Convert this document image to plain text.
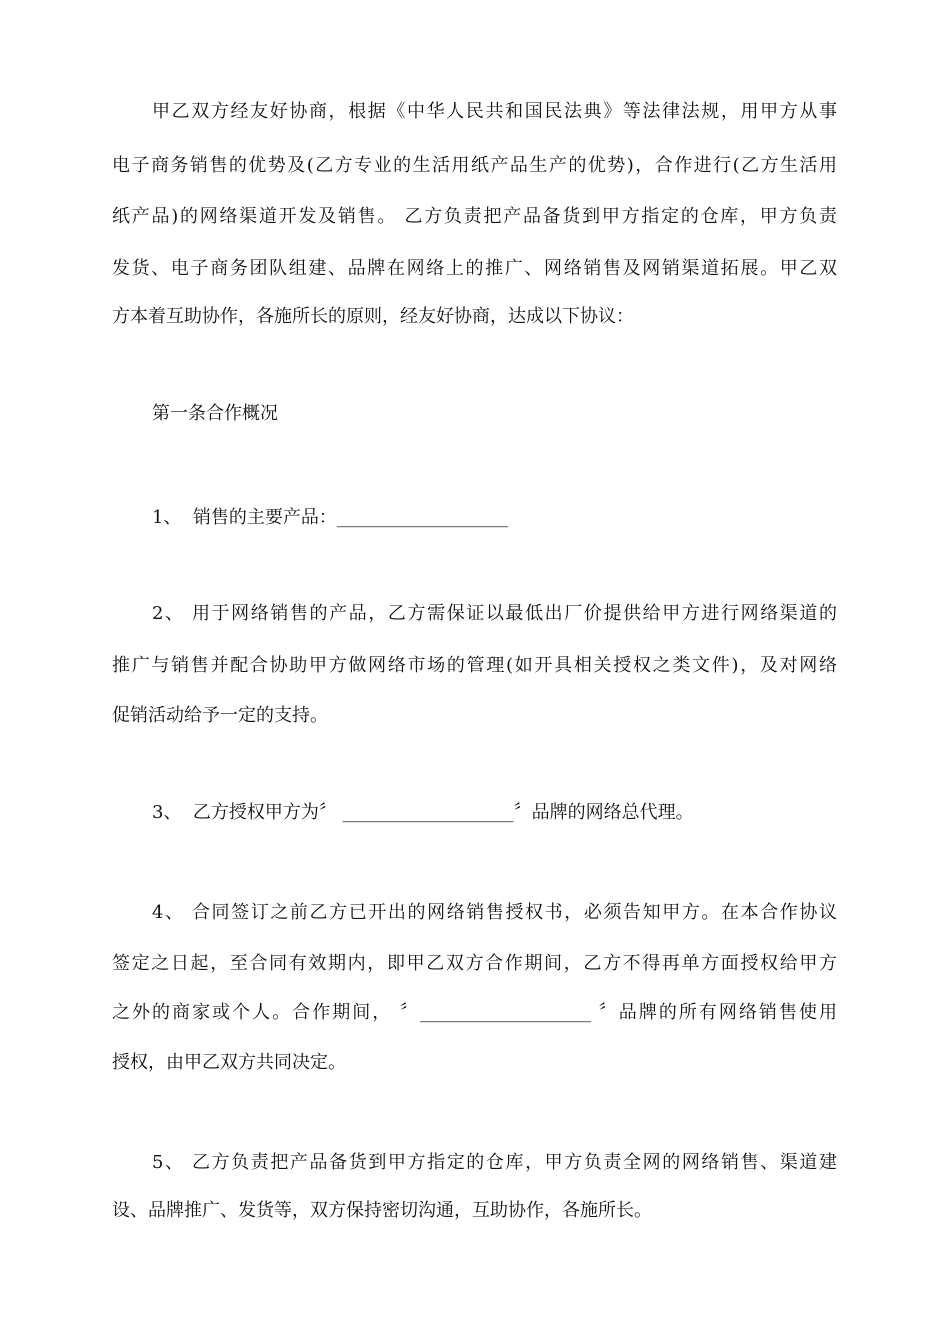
甲乙双方经友好协商，根据《中华人民共和国民法典》等法律法规，用甲方从事
电子商务销售的优势及(乙方专业的生活用纸产品生产的优势)，合作进行(乙方生活用
纸产品)的网络渠道开发及销售。 乙方负责把产品备货到甲方指定的仓库，甲方负责
发货、电子商务团队组建、品牌在网络上的推广、网络销售及网销渠道拓展。甲乙双
方本着互助协作，各施所长的原则，经友好协商，达成以下协议：
第一条合作概况
1、  销售的主要产品：___________________
2、 用于网络销售的产品，乙方需保证以最低出厂价提供给甲方进行网络渠道的
推广与销售并配合协助甲方做网络市场的管理(如开具相关授权之类文件)，及对网络
促销活动给予一定的支持。
3、  乙方授权甲方为〞 ___________________〞品牌的网络总代理。
4、 合同签订之前乙方已开出的网络销售授权书，必须告知甲方。在本合作协议
签定之日起，至合同有效期内，即甲乙双方合作期间，乙方不得再单方面授权给甲方
之外的商家或个人。合作期间， 〞___________________ 〞品牌的所有网络销售使用
授权，由甲乙双方共同决定。
5、 乙方负责把产品备货到甲方指定的仓库，甲方负责全网的网络销售、渠道建
设、品牌推广、发货等，双方保持密切沟通，互助协作，各施所长。
